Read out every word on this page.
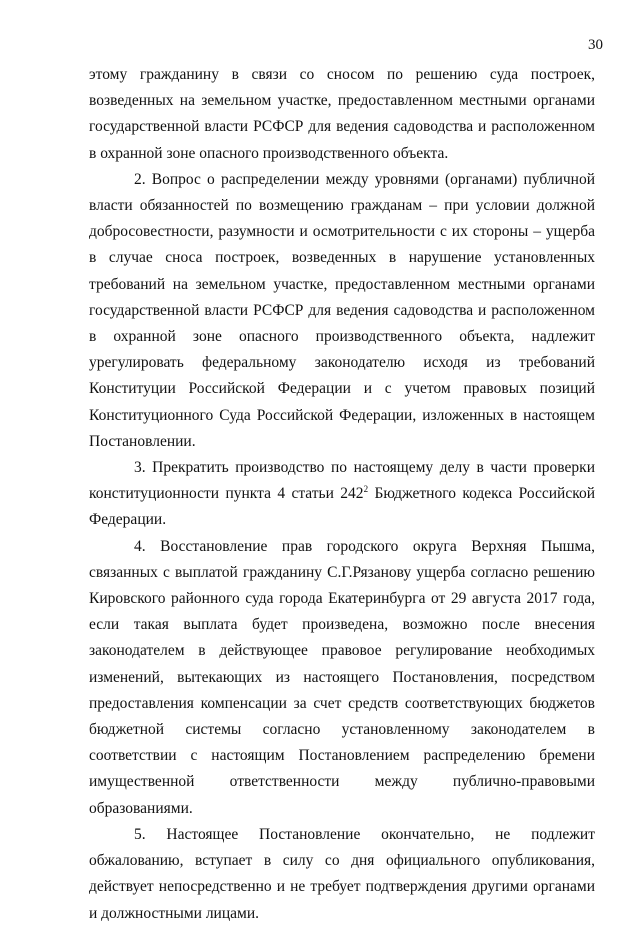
30

этому гражданину в связи со сносом по решению суда построек, возведенных на земельном участке, предоставленном местными органами государственной власти РСФСР для ведения садоводства и расположенном в охранной зоне опасного производственного объекта.

2. Вопрос о распределении между уровнями (органами) публичной власти обязанностей по возмещению гражданам – при условии должной добросовестности, разумности и осмотрительности с их стороны – ущерба в случае сноса построек, возведенных в нарушение установленных требований на земельном участке, предоставленном местными органами государственной власти РСФСР для ведения садоводства и расположенном в охранной зоне опасного производственного объекта, надлежит урегулировать федеральному законодателю исходя из требований Конституции Российской Федерации и с учетом правовых позиций Конституционного Суда Российской Федерации, изложенных в настоящем Постановлении.

3. Прекратить производство по настоящему делу в части проверки конституционности пункта 4 статьи $242^2$ Бюджетного кодекса Российской Федерации.

4. Восстановление прав городского округа Верхняя Пышма, связанных с выплатой гражданину С.Г.Рязанову ущерба согласно решению Кировского районного суда города Екатеринбурга от 29 августа 2017 года, если такая выплата будет произведена, возможно после внесения законодателем в действующее правовое регулирование необходимых изменений, вытекающих из настоящего Постановления, посредством предоставления компенсации за счет средств соответствующих бюджетов бюджетной системы согласно установленному законодателем в соответствии с настоящим Постановлением распределению бремени имущественной ответственности между публично-правовыми образованиями.

5. Настоящее Постановление окончательно, не подлежит обжалованию, вступает в силу со дня официального опубликования, действует непосредственно и не требует подтверждения другими органами и должностными лицами.
